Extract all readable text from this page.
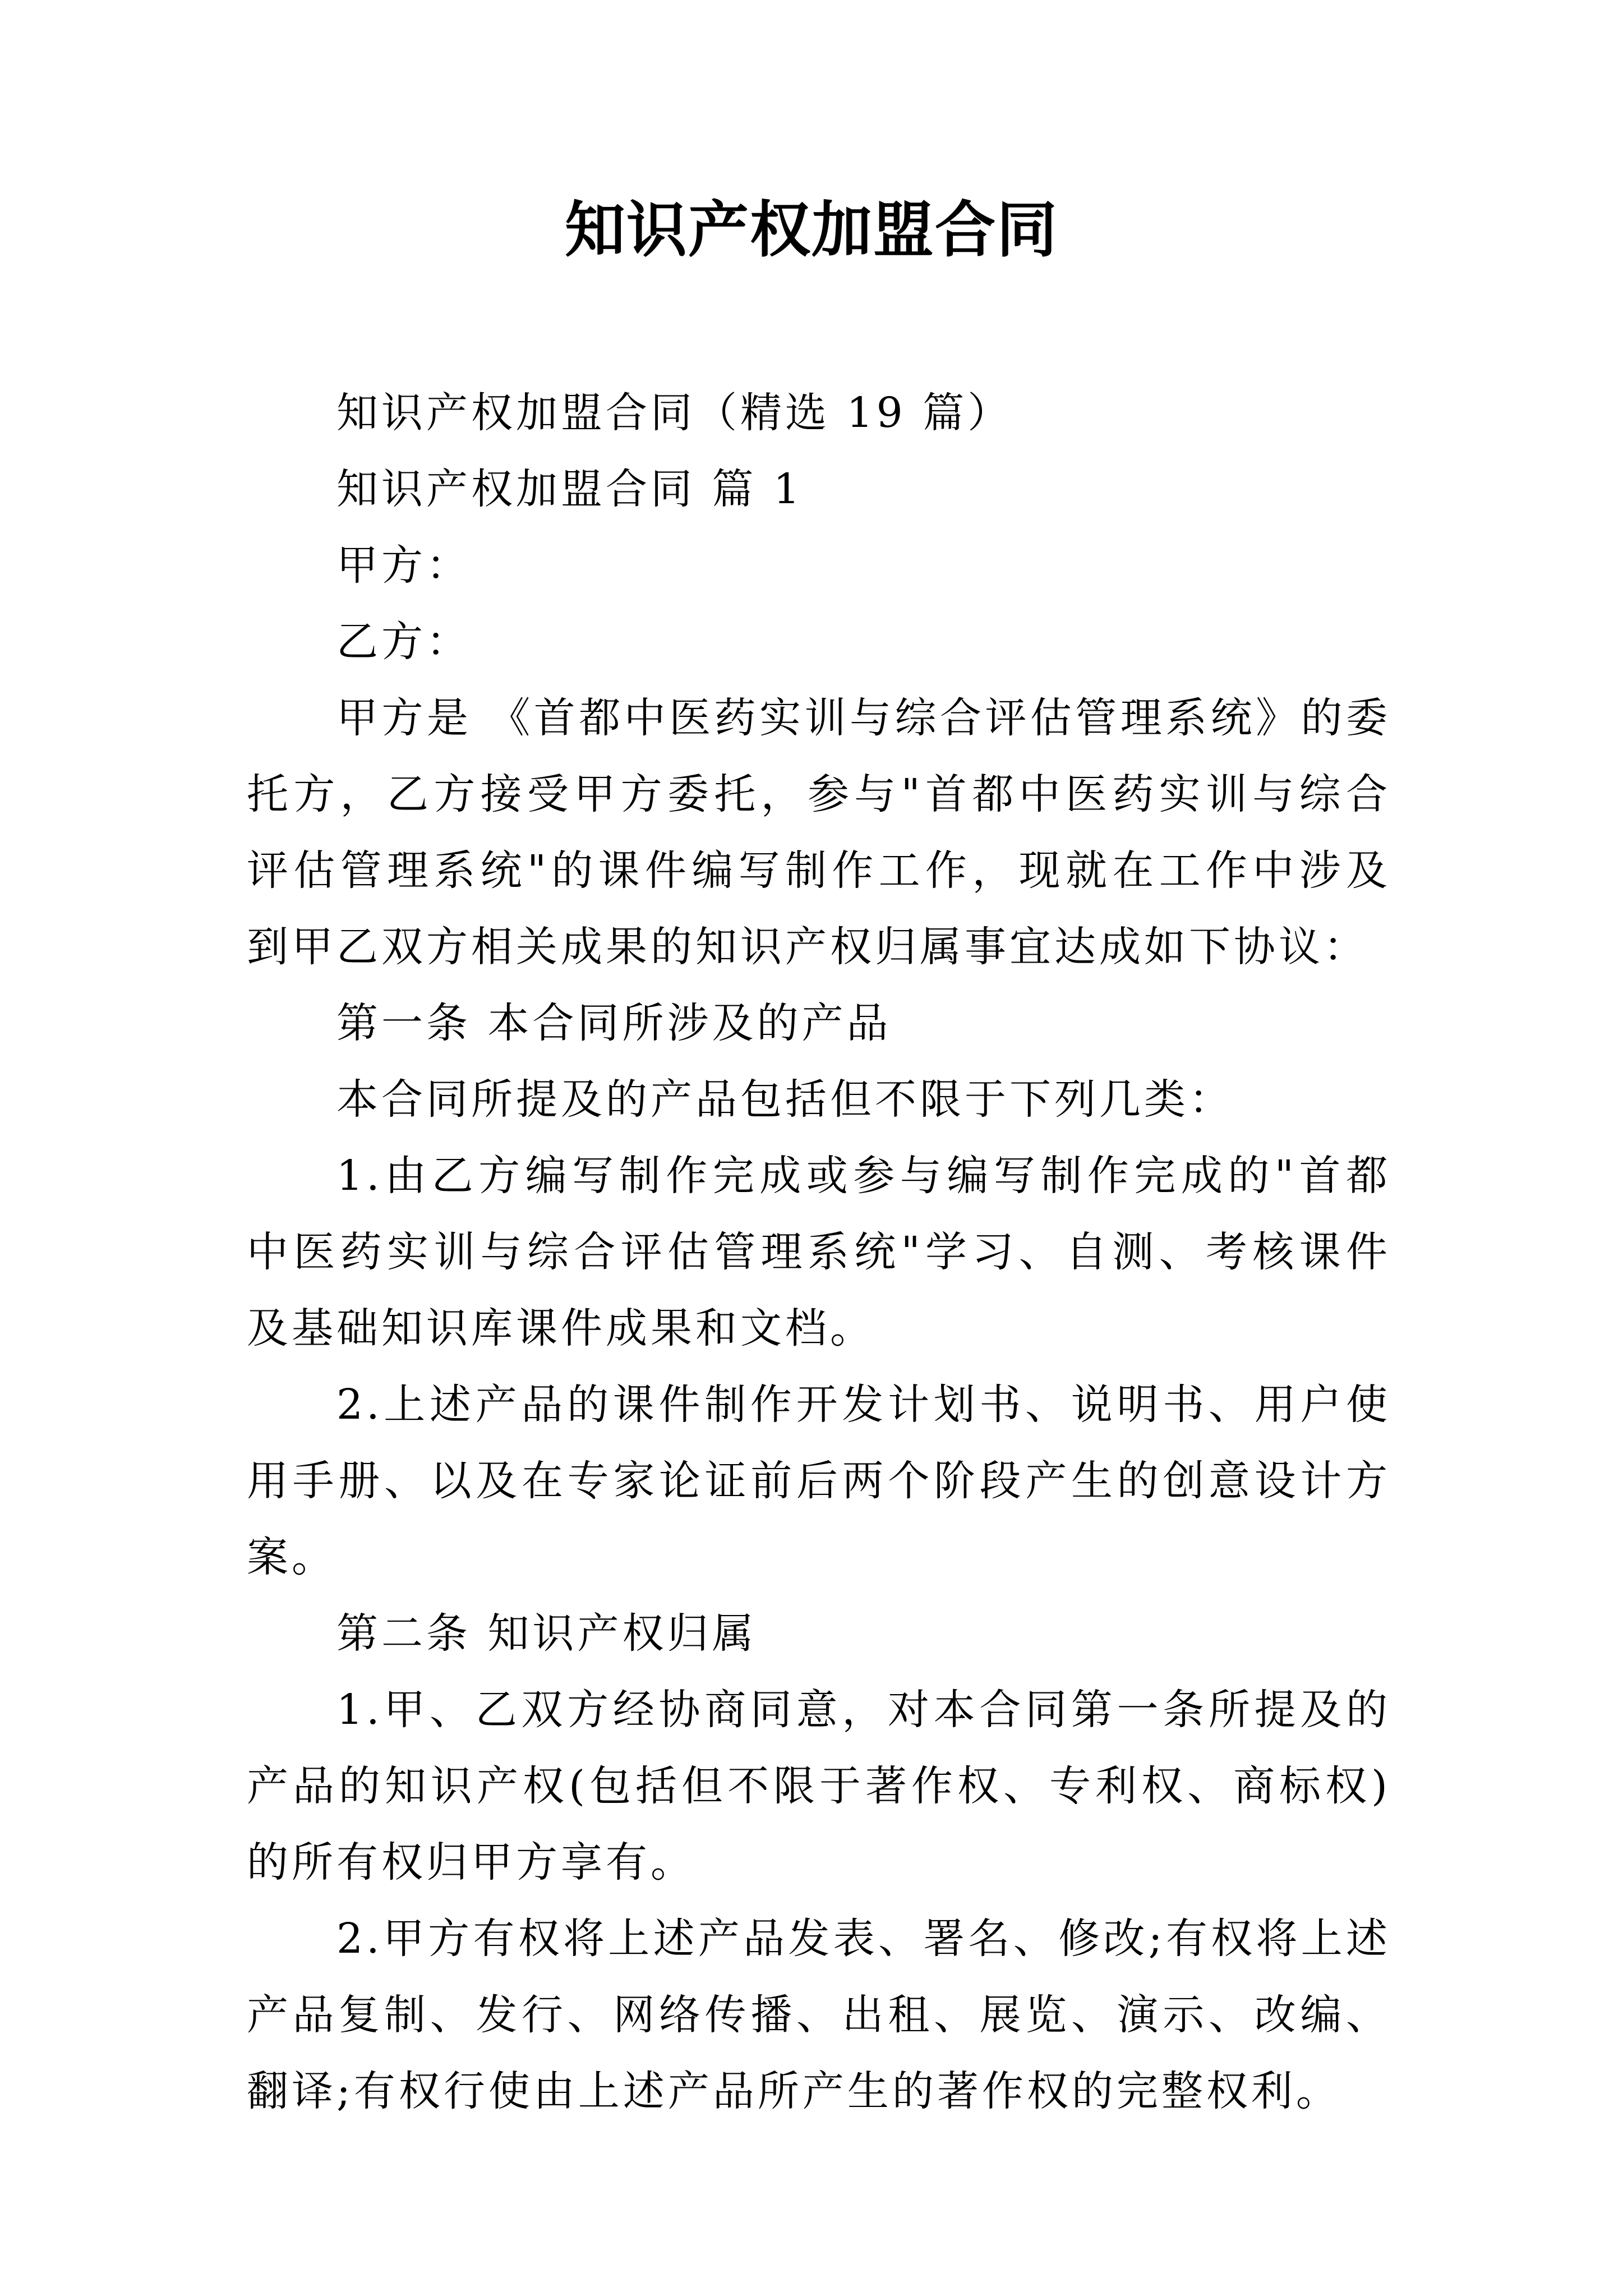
知识产权加盟合同

知识产权加盟合同（精选 19 篇）

知识产权加盟合同 篇 1

甲方：

乙方：

甲方是 《首都中医药实训与综合评估管理系统》的委托方，乙方接受甲方委托，参与"首都中医药实训与综合评估管理系统"的课件编写制作工作，现就在工作中涉及到甲乙双方相关成果的知识产权归属事宜达成如下协议：

第一条 本合同所涉及的产品

本合同所提及的产品包括但不限于下列几类：

1.由乙方编写制作完成或参与编写制作完成的"首都中医药实训与综合评估管理系统"学习、自测、考核课件及基础知识库课件成果和文档。

2.上述产品的课件制作开发计划书、说明书、用户使用手册、以及在专家论证前后两个阶段产生的创意设计方案。

第二条 知识产权归属

1.甲、乙双方经协商同意，对本合同第一条所提及的产品的知识产权(包括但不限于著作权、专利权、商标权)的所有权归甲方享有。

2.甲方有权将上述产品发表、署名、修改;有权将上述产品复制、发行、网络传播、出租、展览、演示、改编、翻译;有权行使由上述产品所产生的著作权的完整权利。
